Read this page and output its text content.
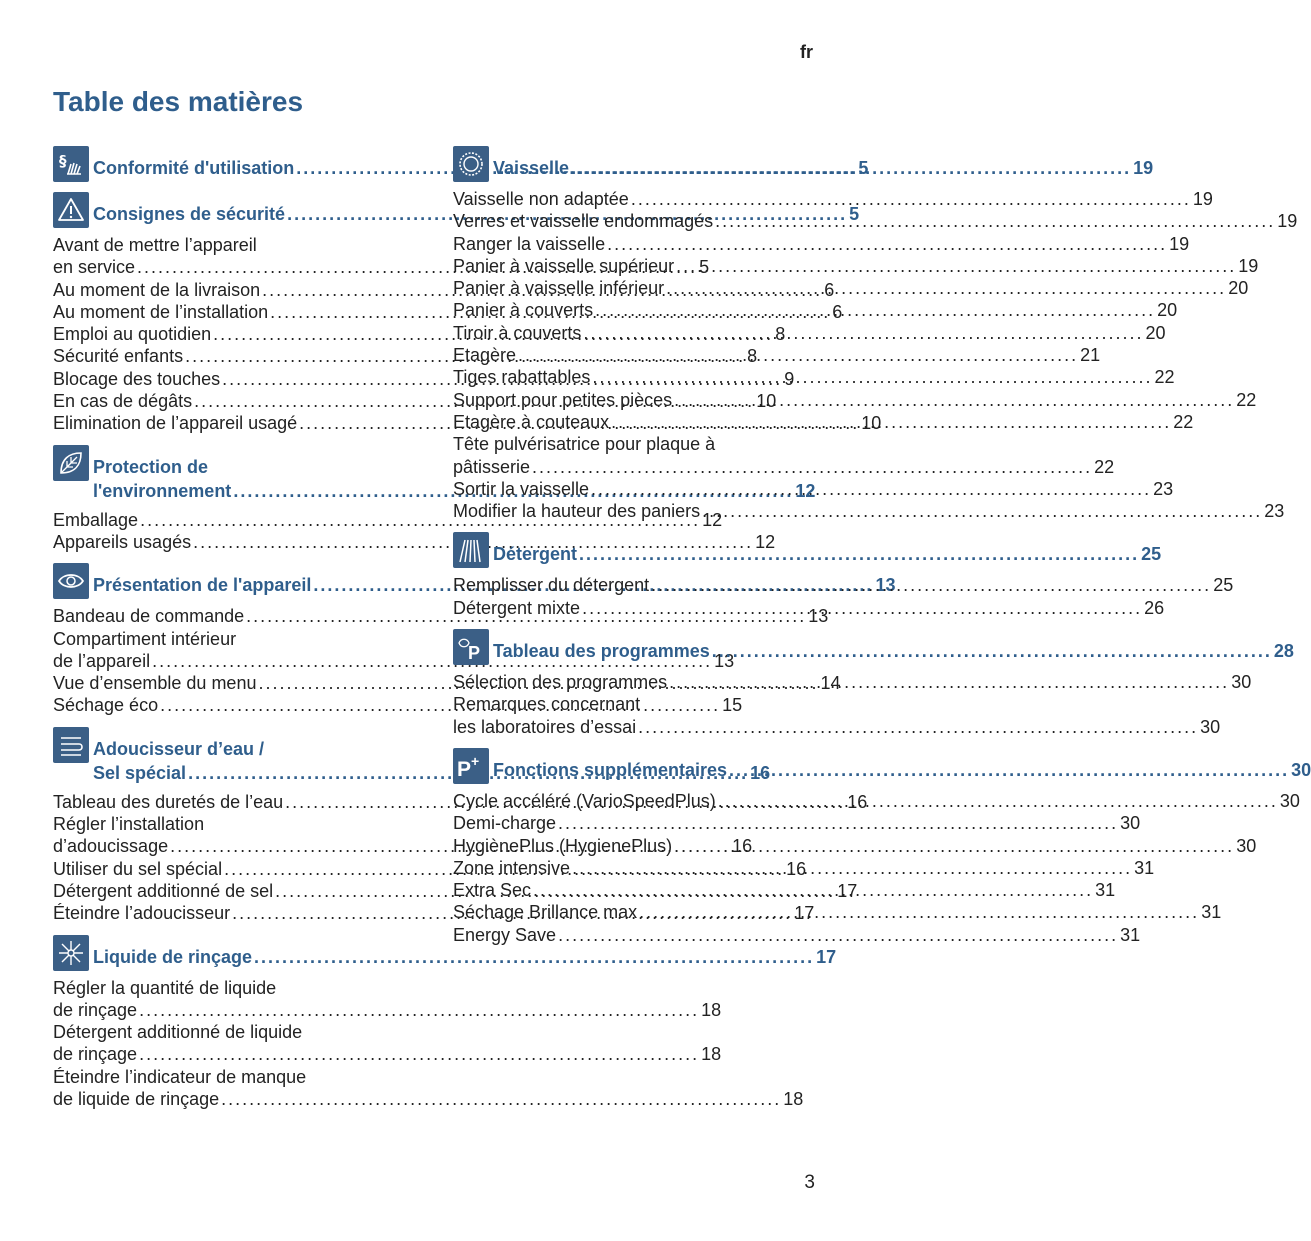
fr
Table des matières
§ Conformité d'utilisation .....	5
Consignes de sécurité .....	5
Avant de mettre l’appareil
en service .....	5
Au moment de la livraison .....	6
Au moment de l’installation .....	6
Emploi au quotidien .....	8
Sécurité enfants .....	8
Blocage des touches .....	9
En cas de dégâts .....	10
Elimination de l’appareil usagé .....	10
Protection de
l'environnement .....	12
Emballage .....	12
Appareils usagés .....	12
Présentation de l'appareil .....	13
Bandeau de commande .....	13
Compartiment intérieur
de l’appareil .....	13
Vue d’ensemble du menu .....	14
Séchage éco .....	15
Adoucisseur d’eau /
Sel spécial .....	16
Tableau des duretés de l’eau .....	16
Régler l’installation
d’adoucissage .....	16
Utiliser du sel spécial .....	16
Détergent additionné de sel .....	17
Éteindre l’adoucisseur .....	17
Liquide de rinçage .....	17
Régler la quantité de liquide
de rinçage .....	18
Détergent additionné de liquide
de rinçage .....	18
Éteindre l’indicateur de manque
de liquide de rinçage .....	18
Vaisselle .....	19
Vaisselle non adaptée .....	19
Verres et vaisselle endommagés .....	19
Ranger la vaisselle .....	19
Panier à vaisselle supérieur .....	19
Panier à vaisselle inférieur .....	20
Panier à couverts .....	20
Tiroir à couverts .....	20
Etagère .....	21
Tiges rabattables .....	22
Support pour petites pièces .....	22
Etagère à couteaux .....	22
Tête pulvérisatrice pour plaque à
pâtisserie .....	22
Sortir la vaisselle .....	23
Modifier la hauteur des paniers .....	23
Détergent .....	25
Remplisser du détergent .....	25
Détergent mixte .....	26
P Tableau des programmes .....	28
Sélection des programmes .....	30
Remarques concernant
les laboratoires d’essai .....	30
P + Fonctions supplémentaires .....	30
Cycle accéléré (VarioSpeedPlus) .....	30
Demi-charge .....	30
HygiènePlus (HygienePlus) .....	30
Zone intensive .....	31
Extra Sec .....	31
Séchage Brillance max .....	31
Energy Save .....	31
3
